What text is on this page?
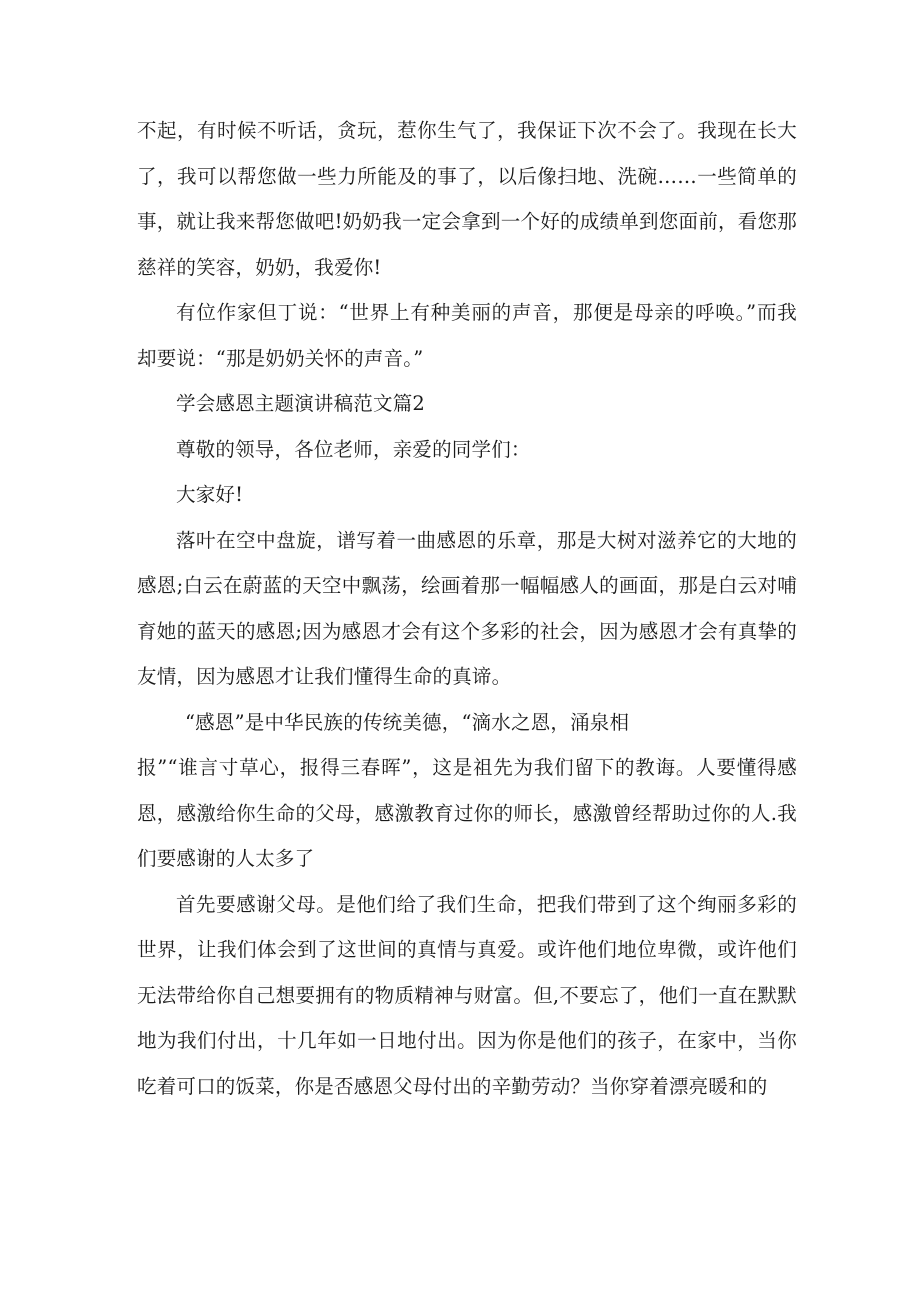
不起，有时候不听话，贪玩，惹你生气了，我保证下次不会了。我现在长大了，我可以帮您做一些力所能及的事了，以后像扫地、洗碗……一些简单的事，就让我来帮您做吧!奶奶我一定会拿到一个好的成绩单到您面前，看您那慈祥的笑容，奶奶，我爱你!

有位作家但丁说：“世界上有种美丽的声音，那便是母亲的呼唤。”而我却要说：“那是奶奶关怀的声音。”

学会感恩主题演讲稿范文篇2

尊敬的领导，各位老师，亲爱的同学们：

大家好!

落叶在空中盘旋，谱写着一曲感恩的乐章，那是大树对滋养它的大地的感恩;白云在蔚蓝的天空中飘荡，绘画着那一幅幅感人的画面，那是白云对哺育她的蓝天的感恩;因为感恩才会有这个多彩的社会，因为感恩才会有真挚的友情，因为感恩才让我们懂得生命的真谛。

“感恩”是中华民族的传统美德，“滴水之恩，涌泉相

报”“谁言寸草心，报得三春晖”，这是祖先为我们留下的教诲。人要懂得感恩，感激给你生命的父母，感激教育过你的师长，感激曾经帮助过你的人.我们要感谢的人太多了

首先要感谢父母。是他们给了我们生命，把我们带到了这个绚丽多彩的世界，让我们体会到了这世间的真情与真爱。或许他们地位卑微，或许他们无法带给你自己想要拥有的物质精神与财富。但,不要忘了，他们一直在默默地为我们付出，十几年如一日地付出。因为你是他们的孩子，在家中，当你吃着可口的饭菜，你是否感恩父母付出的辛勤劳动？当你穿着漂亮暖和的
